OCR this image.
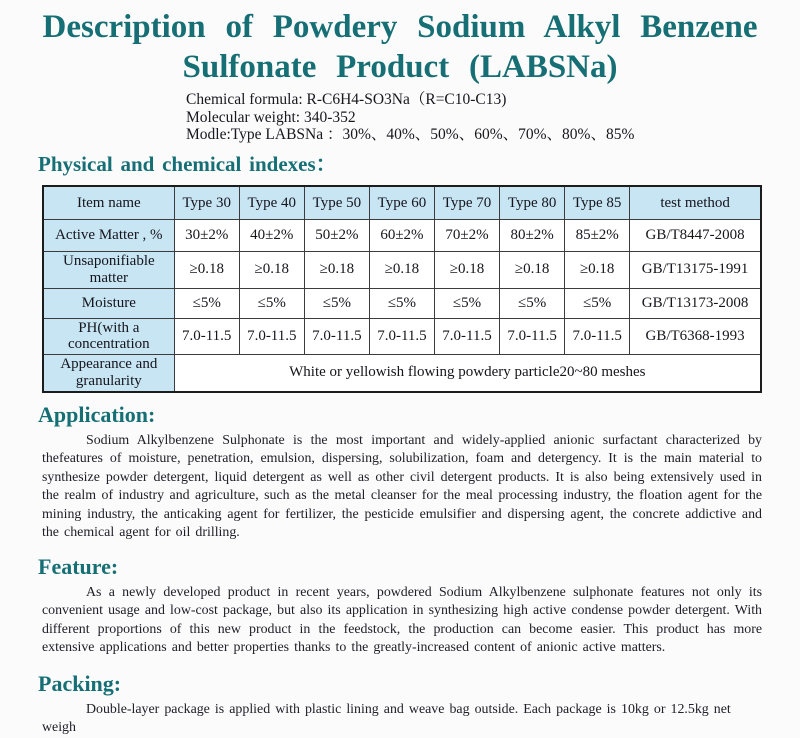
Description of Powdery Sodium Alkyl Benzene
Sulfonate Product (LABSNa)
Chemical formula: R-C6H4-SO3Na（R=C10-C13)
Molecular weight: 340-352
Modle:Type LABSNa ：30%、40%、50%、60%、70%、80%、85%
Physical and chemical indexes：
Item name	Type 30	Type 40	Type 50	Type 60	Type 70	Type 80	Type 85	test method
Active Matter , %	30±2%	40±2%	50±2%	60±2%	70±2%	80±2%	85±2%	GB/T8447-2008
Unsaponifiable matter	≥0.18	≥0.18	≥0.18	≥0.18	≥0.18	≥0.18	≥0.18	GB/T13175-1991
Moisture	≤5%	≤5%	≤5%	≤5%	≤5%	≤5%	≤5%	GB/T13173-2008
PH(with a concentration	7.0-11.5	7.0-11.5	7.0-11.5	7.0-11.5	7.0-11.5	7.0-11.5	7.0-11.5	GB/T6368-1993
Appearance and granularity	White or yellowish flowing powdery particle20~80 meshes							
Application:

Sodium Alkylbenzene Sulphonate is the most important and widely-applied anionic surfactant characterized by thefeatures of moisture, penetration, emulsion, dispersing, solubilization, foam and detergency. It is the main material to synthesize powder detergent, liquid detergent as well as other civil detergent products. It is also being extensively used in the realm of industry and agriculture, such as the metal cleanser for the meal processing industry, the floation agent for the mining industry, the anticaking agent for fertilizer, the pesticide emulsifier and dispersing agent, the concrete addictive and the chemical agent for oil drilling.

Feature:

As a newly developed product in recent years, powdered Sodium Alkylbenzene sulphonate features not only its convenient usage and low-cost package, but also its application in synthesizing high active condense powder detergent. With different proportions of this new product in the feedstock, the production can become easier. This product has more extensive applications and better properties thanks to the greatly-increased content of anionic active matters.

Packing:

Double-layer package is applied with plastic lining and weave bag outside. Each package is 10kg or 12.5kg net weigh
